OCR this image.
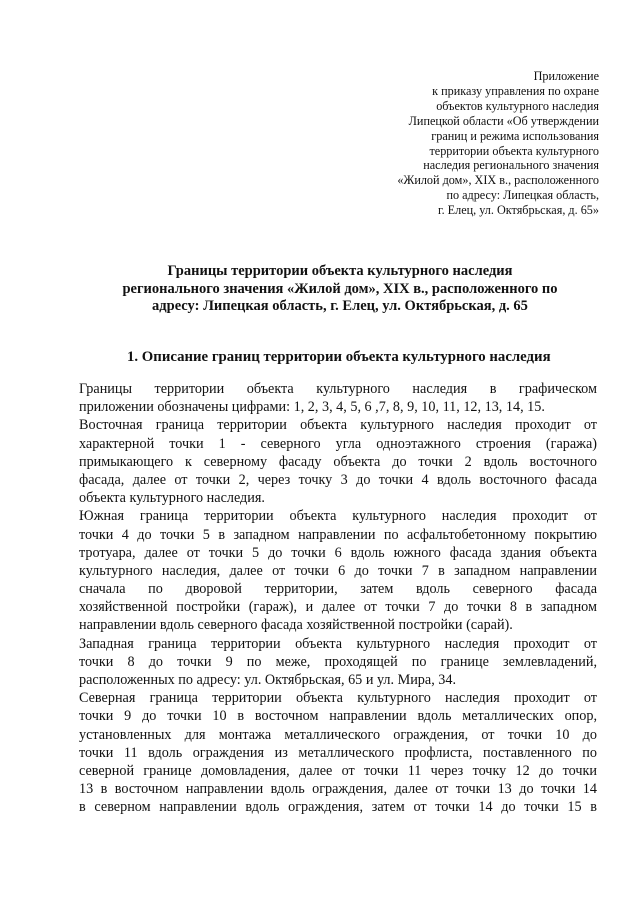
Приложение
к приказу управления по охране
объектов культурного наследия
Липецкой области «Об утверждении
границ и режима использования
территории объекта культурного
наследия регионального значения
«Жилой дом», XIX в., расположенного
по адресу: Липецкая область,
г. Елец, ул. Октябрьская, д. 65»
Границы территории объекта культурного наследия
регионального значения «Жилой дом», XIX в., расположенного по
адресу: Липецкая область, г. Елец, ул. Октябрьская, д. 65
1. Описание границ территории объекта культурного наследия
Границы территории объекта культурного наследия в графическом
приложении обозначены цифрами: 1, 2, 3, 4, 5, 6 ,7, 8, 9, 10, 11, 12, 13, 14, 15.
Восточная граница территории объекта культурного наследия проходит от
характерной точки 1 - северного угла одноэтажного строения (гаража)
примыкающего к северному фасаду объекта до точки 2 вдоль восточного
фасада, далее от точки 2, через точку 3 до точки 4 вдоль восточного фасада
объекта культурного наследия.
Южная граница территории объекта культурного наследия проходит от
точки 4 до точки 5 в западном направлении по асфальтобетонному покрытию
тротуара, далее от точки 5 до точки 6 вдоль южного фасада здания объекта
культурного наследия, далее от точки 6 до точки 7 в западном направлении
сначала по дворовой территории, затем вдоль северного фасада
хозяйственной постройки (гараж), и далее от точки 7 до точки 8 в западном
направлении вдоль северного фасада хозяйственной постройки (сарай).
Западная граница территории объекта культурного наследия проходит от
точки 8 до точки 9 по меже, проходящей по границе землевладений,
расположенных по адресу: ул. Октябрьская, 65 и ул. Мира, 34.
Северная граница территории объекта культурного наследия проходит от
точки 9 до точки 10 в восточном направлении вдоль металлических опор,
установленных для монтажа металлического ограждения, от точки 10 до
точки 11 вдоль ограждения из металлического профлиста, поставленного по
северной границе домовладения, далее от точки 11 через точку 12 до точки
13 в восточном направлении вдоль ограждения, далее от точки 13 до точки 14
в северном направлении вдоль ограждения, затем от точки 14 до точки 15 в
